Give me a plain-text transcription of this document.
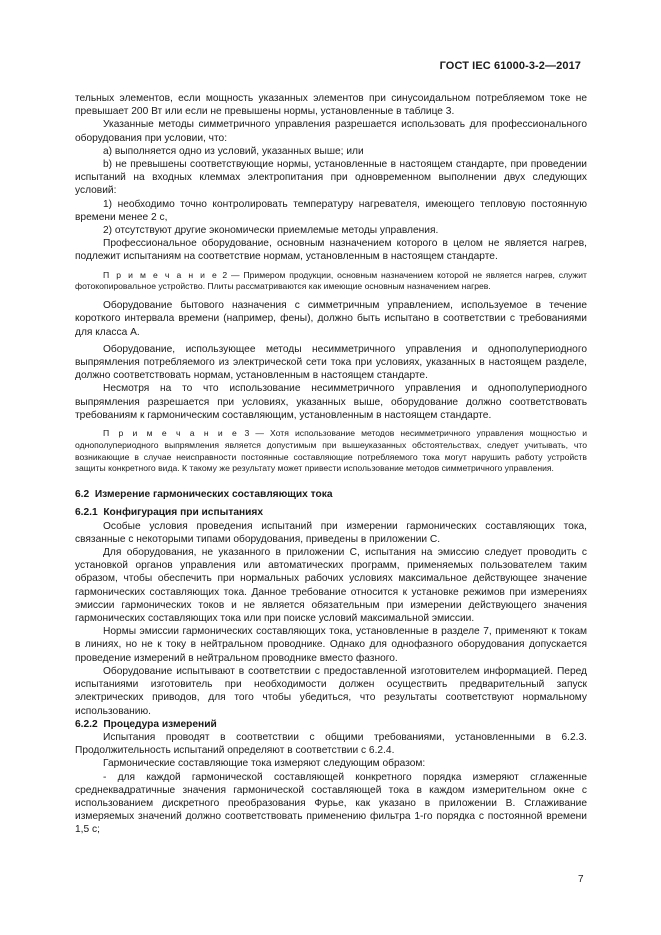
ГОСТ IEC 61000-3-2—2017

тельных элементов, если мощность указанных элементов при синусоидальном потребляемом токе не превышает 200 Вт или если не превышены нормы, установленные в таблице 3.

Указанные методы симметричного управления разрешается использовать для профессионального оборудования при условии, что:

a) выполняется одно из условий, указанных выше; или

b) не превышены соответствующие нормы, установленные в настоящем стандарте, при проведении испытаний на входных клеммах электропитания при одновременном выполнении двух следующих условий:

1) необходимо точно контролировать температуру нагревателя, имеющего тепловую постоянную времени менее 2 с,

2) отсутствуют другие экономически приемлемые методы управления.

Профессиональное оборудование, основным назначением которого в целом не является нагрев, подлежит испытаниям на соответствие нормам, установленным в настоящем стандарте.

П р и м е ч а н и е 2 — Примером продукции, основным назначением которой не является нагрев, служит фотокопировальное устройство. Плиты рассматриваются как имеющие основным назначением нагрев.

Оборудование бытового назначения с симметричным управлением, используемое в течение короткого интервала времени (например, фены), должно быть испытано в соответствии с требованиями для класса А.

Оборудование, использующее методы несимметричного управления и однополупериодного выпрямления потребляемого из электрической сети тока при условиях, указанных в настоящем разделе, должно соответствовать нормам, установленным в настоящем стандарте.

Несмотря на то что использование несимметричного управления и однополупериодного выпрямления разрешается при условиях, указанных выше, оборудование должно соответствовать требованиям к гармоническим составляющим, установленным в настоящем стандарте.

П р и м е ч а н и е 3 — Хотя использование методов несимметричного управления мощностью и однополупериодного выпрямления является допустимым при вышеуказанных обстоятельствах, следует учитывать, что возникающие в случае неисправности постоянные составляющие потребляемого тока могут нарушить работу устройств защиты конкретного вида. К такому же результату может привести использование методов симметричного управления.

6.2 Измерение гармонических составляющих тока

6.2.1 Конфигурация при испытаниях

Особые условия проведения испытаний при измерении гармонических составляющих тока, связанные с некоторыми типами оборудования, приведены в приложении С.

Для оборудования, не указанного в приложении С, испытания на эмиссию следует проводить с установкой органов управления или автоматических программ, применяемых пользователем таким образом, чтобы обеспечить при нормальных рабочих условиях максимальное действующее значение гармонических составляющих тока. Данное требование относится к установке режимов при измерениях эмиссии гармонических токов и не является обязательным при измерении действующего значения гармонических составляющих тока или при поиске условий максимальной эмиссии.

Нормы эмиссии гармонических составляющих тока, установленные в разделе 7, применяют к токам в линиях, но не к току в нейтральном проводнике. Однако для однофазного оборудования допускается проведение измерений в нейтральном проводнике вместо фазного.

Оборудование испытывают в соответствии с предоставленной изготовителем информацией. Перед испытаниями изготовитель при необходимости должен осуществить предварительный запуск электрических приводов, для того чтобы убедиться, что результаты соответствуют нормальному использованию.

6.2.2 Процедура измерений

Испытания проводят в соответствии с общими требованиями, установленными в 6.2.3. Продолжительность испытаний определяют в соответствии с 6.2.4.

Гармонические составляющие тока измеряют следующим образом:

- для каждой гармонической составляющей конкретного порядка измеряют сглаженные среднеквадратичные значения гармонической составляющей тока в каждом измерительном окне с использованием дискретного преобразования Фурье, как указано в приложении В. Сглаживание измеряемых значений должно соответствовать применению фильтра 1-го порядка с постоянной времени 1,5 с;

7
